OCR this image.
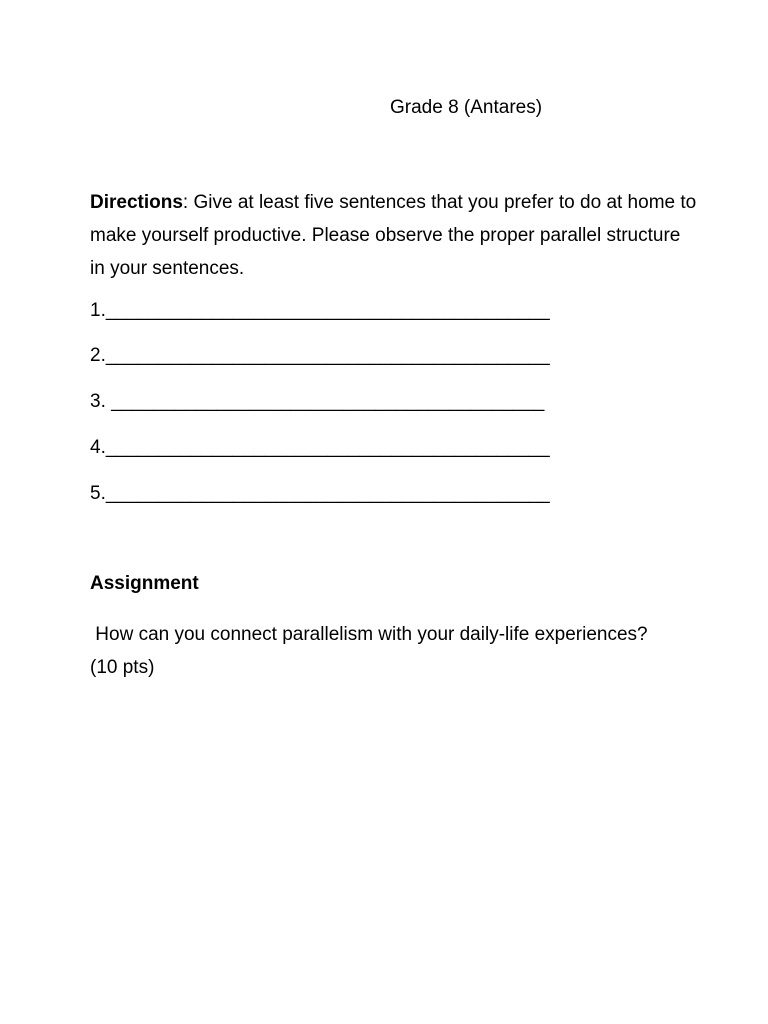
Grade 8 (Antares)
Directions: Give at least five sentences that you prefer to do at home to make yourself productive. Please observe the proper parallel structure in your sentences.
1.__________________________________________
2.__________________________________________
3. _________________________________________
4.__________________________________________
5.__________________________________________
Assignment
How can you connect parallelism with your daily-life experiences? (10 pts)
